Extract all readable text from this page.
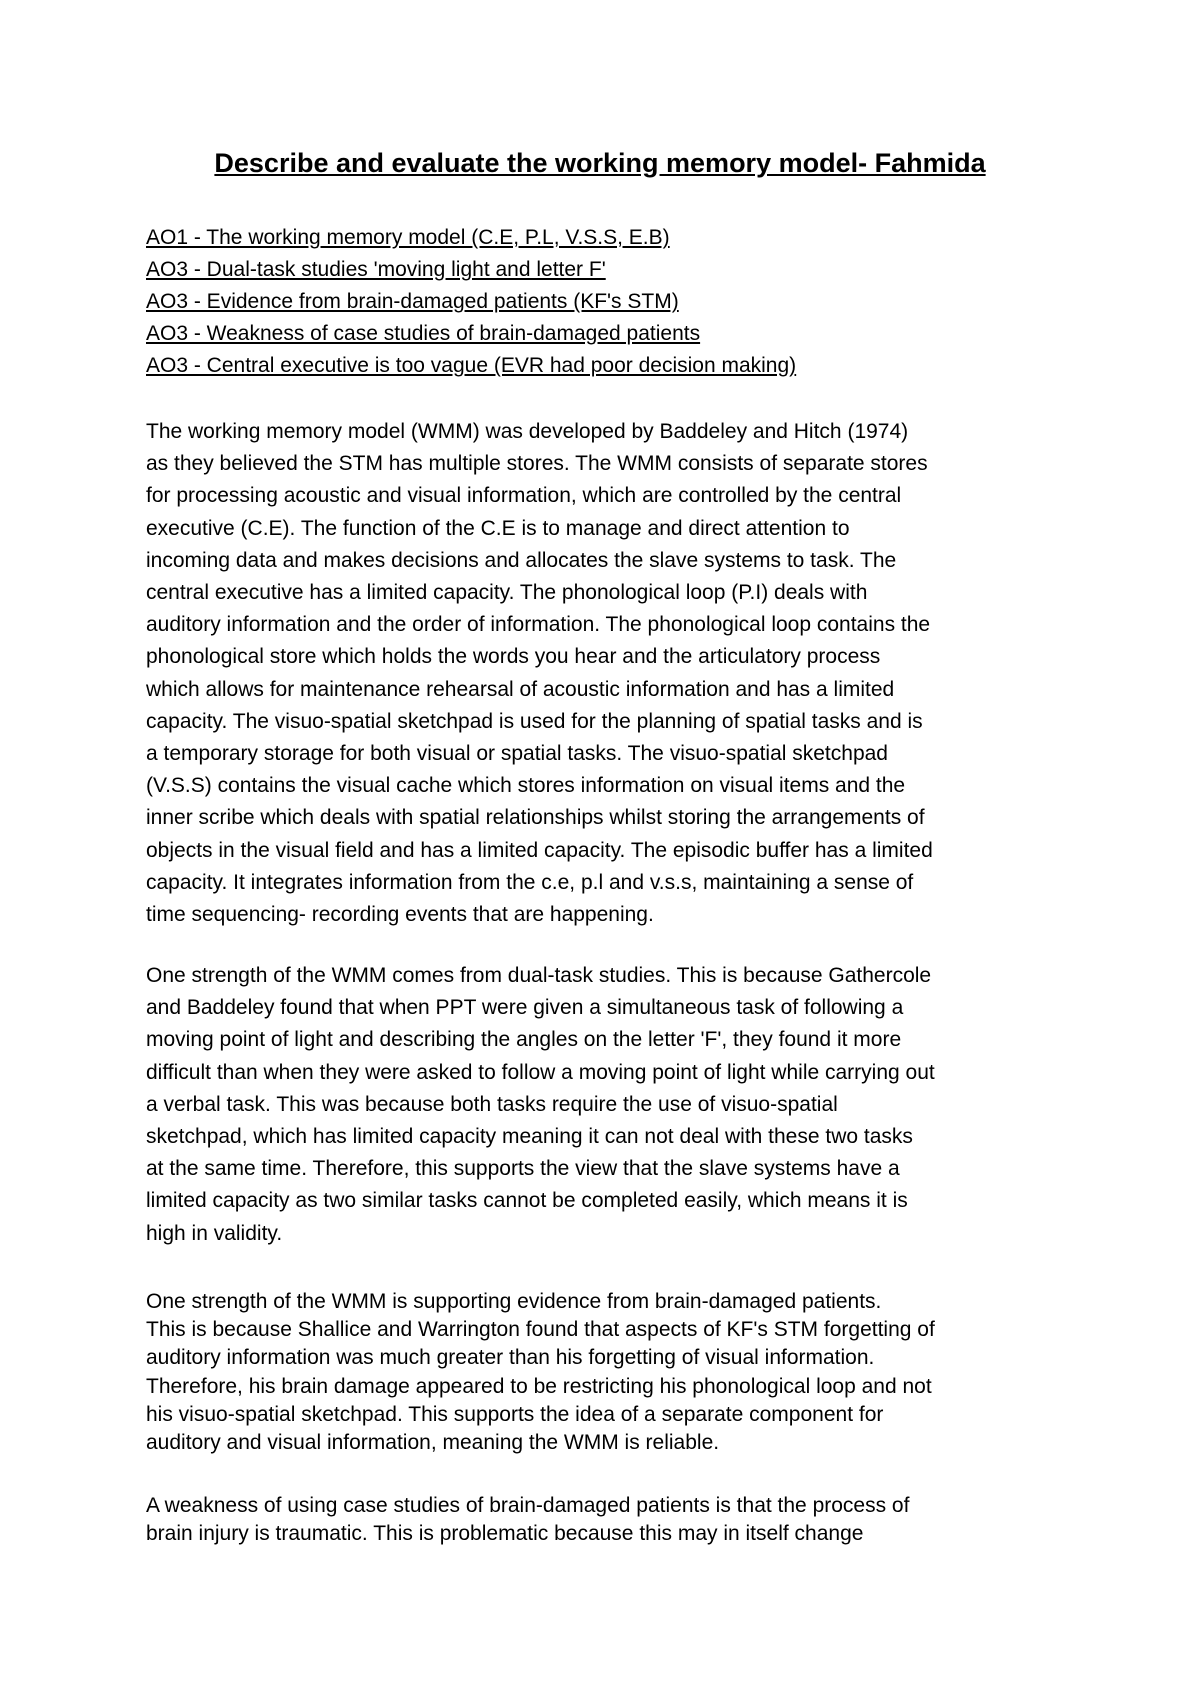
Describe and evaluate the working memory model- Fahmida
AO1 - The working memory model (C.E, P.L, V.S.S, E.B)
AO3 - Dual-task studies 'moving light and letter F'
AO3 - Evidence from brain-damaged patients (KF's STM)
AO3 - Weakness of case studies of brain-damaged patients
AO3 - Central executive is too vague (EVR had poor decision making)

The working memory model (WMM) was developed by Baddeley and Hitch (1974)
as they believed the STM has multiple stores. The WMM consists of separate stores
for processing acoustic and visual information, which are controlled by the central
executive (C.E). The function of the C.E is to manage and direct attention to
incoming data and makes decisions and allocates the slave systems to task. The
central executive has a limited capacity. The phonological loop (P.I) deals with
auditory information and the order of information. The phonological loop contains the
phonological store which holds the words you hear and the articulatory process
which allows for maintenance rehearsal of acoustic information and has a limited
capacity. The visuo-spatial sketchpad is used for the planning of spatial tasks and is
a temporary storage for both visual or spatial tasks. The visuo-spatial sketchpad
(V.S.S) contains the visual cache which stores information on visual items and the
inner scribe which deals with spatial relationships whilst storing the arrangements of
objects in the visual field and has a limited capacity. The episodic buffer has a limited
capacity. It integrates information from the c.e, p.l and v.s.s, maintaining a sense of
time sequencing- recording events that are happening.

One strength of the WMM comes from dual-task studies. This is because Gathercole
and Baddeley found that when PPT were given a simultaneous task of following a
moving point of light and describing the angles on the letter 'F', they found it more
difficult than when they were asked to follow a moving point of light while carrying out
a verbal task. This was because both tasks require the use of visuo-spatial
sketchpad, which has limited capacity meaning it can not deal with these two tasks
at the same time. Therefore, this supports the view that the slave systems have a
limited capacity as two similar tasks cannot be completed easily, which means it is
high in validity.

One strength of the WMM is supporting evidence from brain-damaged patients.
This is because Shallice and Warrington found that aspects of KF's STM forgetting of
auditory information was much greater than his forgetting of visual information.
Therefore, his brain damage appeared to be restricting his phonological loop and not
his visuo-spatial sketchpad. This supports the idea of a separate component for
auditory and visual information, meaning the WMM is reliable.

A weakness of using case studies of brain-damaged patients is that the process of
brain injury is traumatic. This is problematic because this may in itself change
